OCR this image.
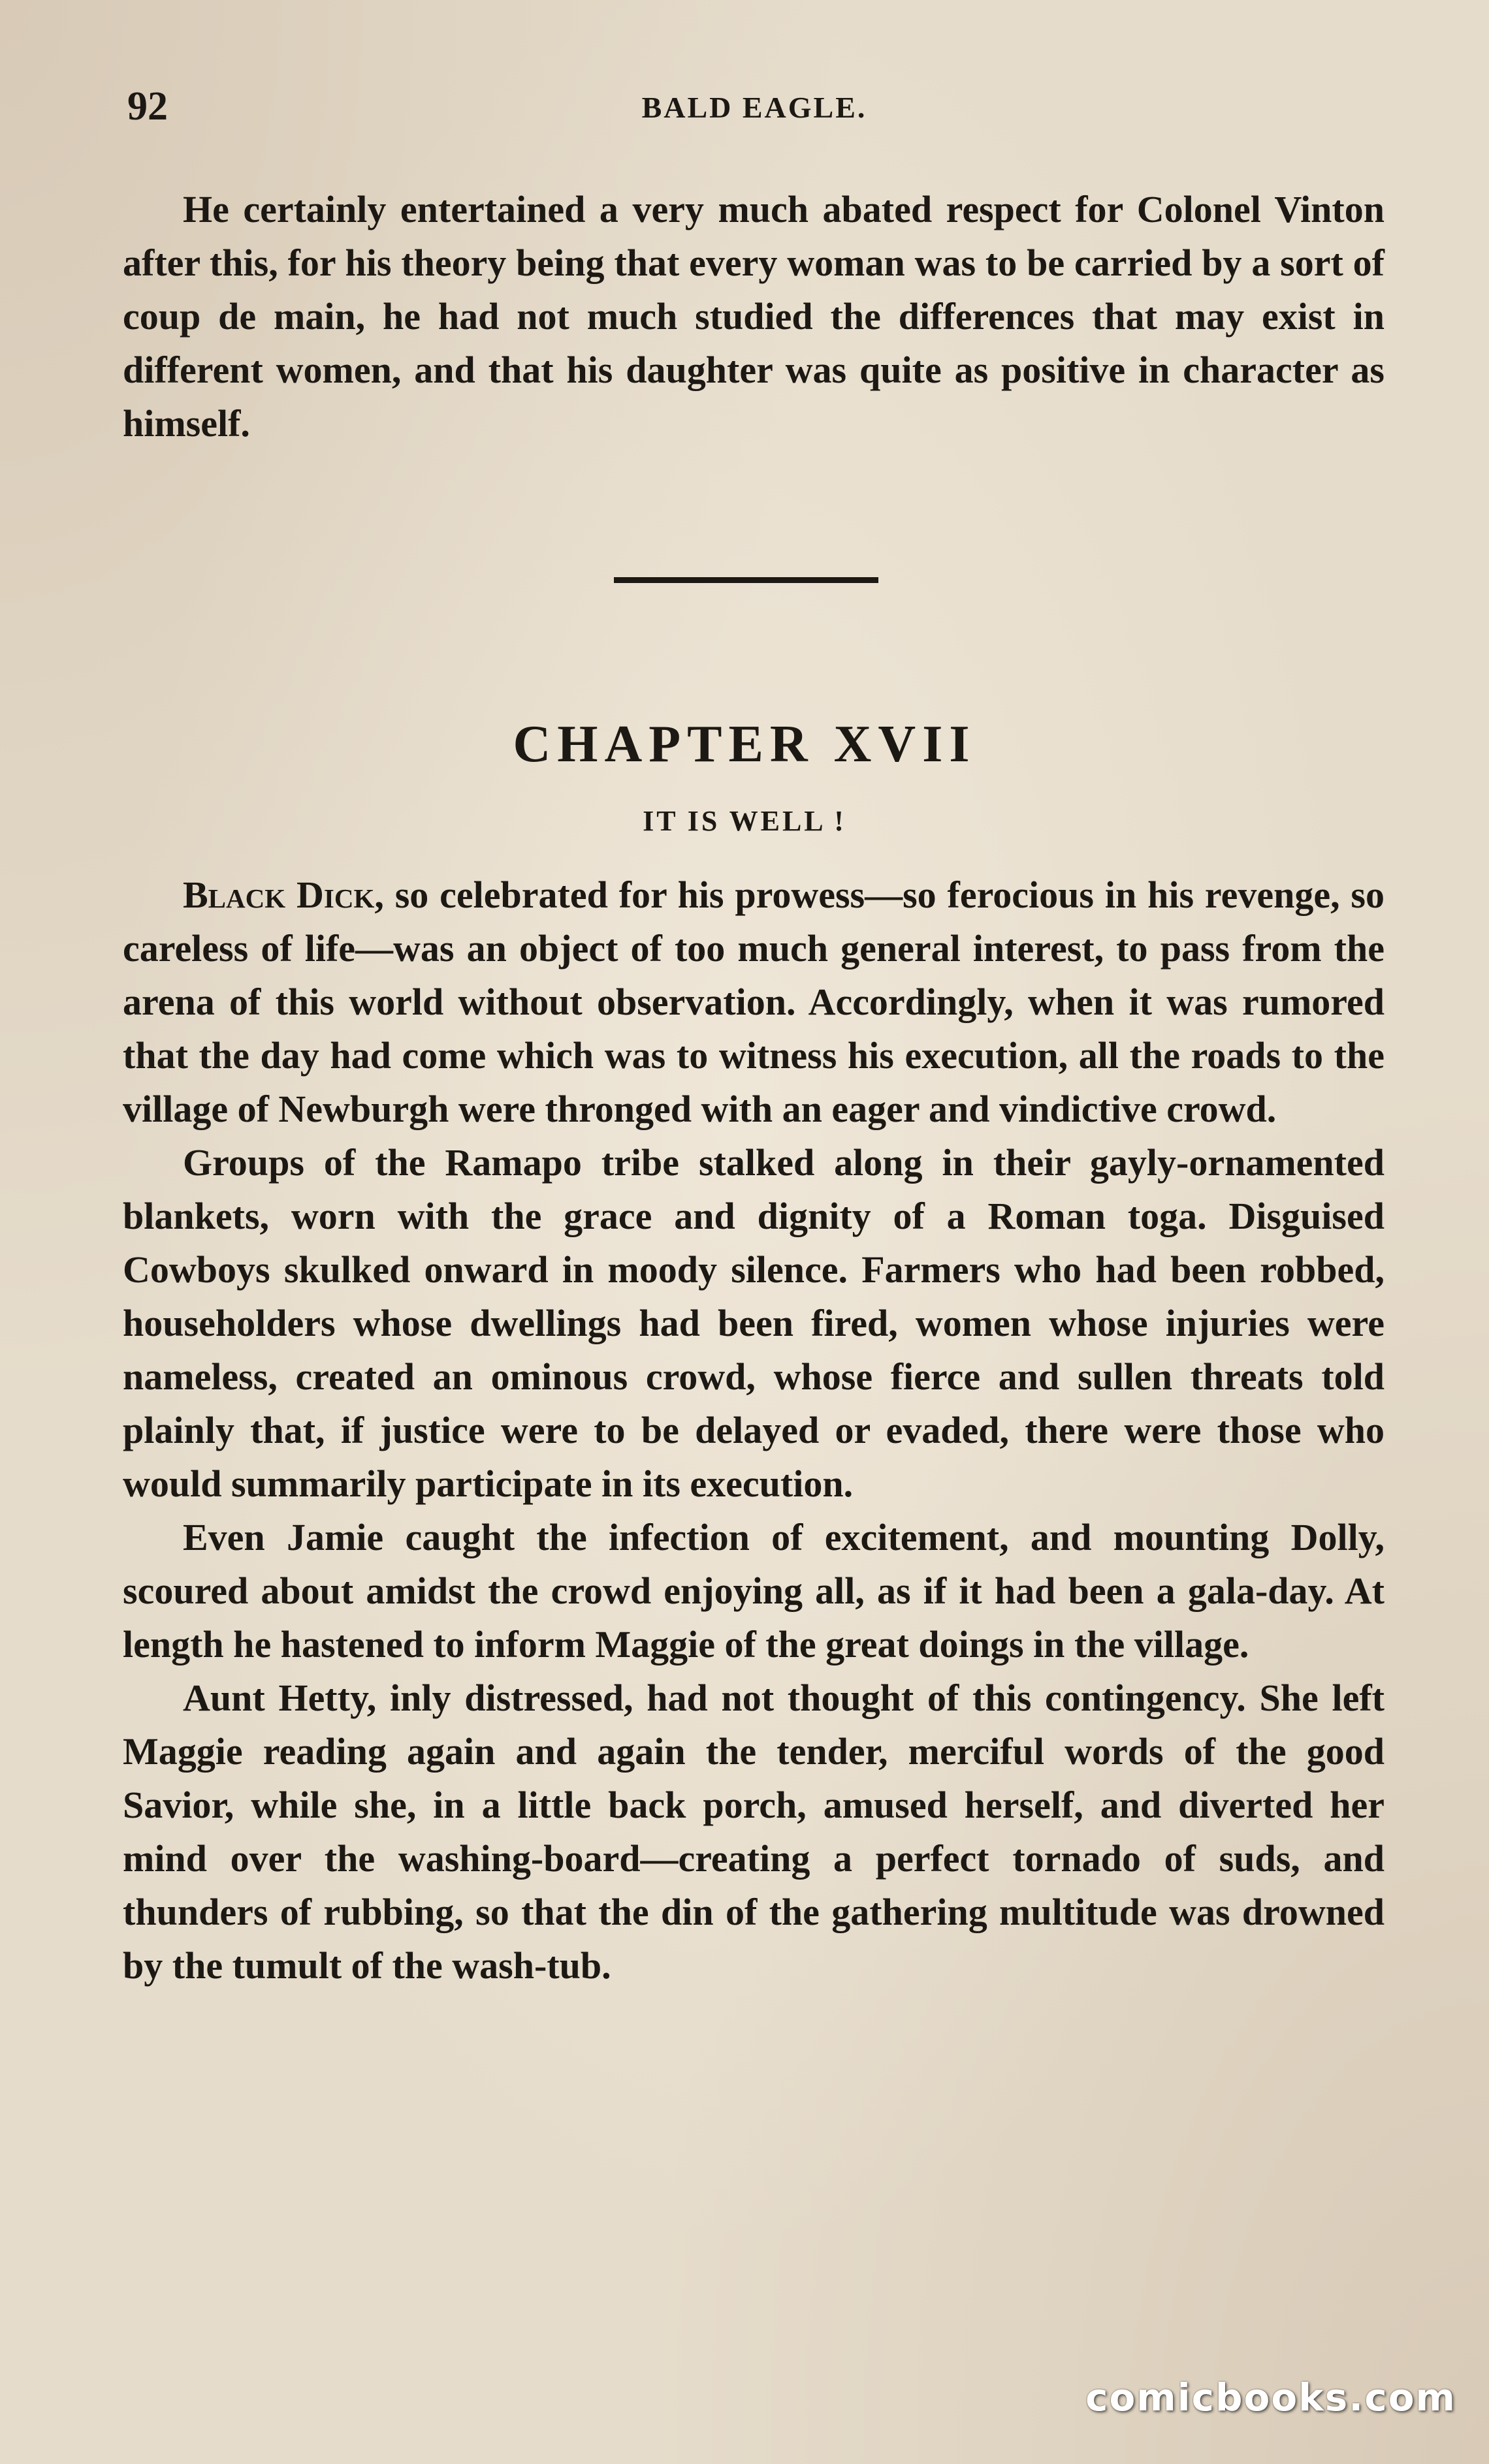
92	BALD EAGLE.

He certainly entertained a very much abated respect for Colonel Vinton after this, for his theory being that every woman was to be carried by a sort of coup de main, he had not much studied the differences that may exist in different women, and that his daughter was quite as positive in character as himself.

CHAPTER XVII
IT IS WELL !

Black Dick, so celebrated for his prowess—so ferocious in his revenge, so careless of life—was an object of too much general interest, to pass from the arena of this world without observation. Accordingly, when it was rumored that the day had come which was to witness his execution, all the roads to the village of Newburgh were thronged with an eager and vindictive crowd.

Groups of the Ramapo tribe stalked along in their gayly-ornamented blankets, worn with the grace and dignity of a Roman toga. Disguised Cowboys skulked onward in moody silence. Farmers who had been robbed, householders whose dwellings had been fired, women whose injuries were nameless, created an ominous crowd, whose fierce and sullen threats told plainly that, if justice were to be delayed or evaded, there were those who would summarily participate in its execution.

Even Jamie caught the infection of excitement, and mounting Dolly, scoured about amidst the crowd enjoying all, as if it had been a gala-day. At length he hastened to inform Maggie of the great doings in the village.

Aunt Hetty, inly distressed, had not thought of this contingency. She left Maggie reading again and again the tender, merciful words of the good Savior, while she, in a little back porch, amused herself, and diverted her mind over the washing-board—creating a perfect tornado of suds, and thunders of rubbing, so that the din of the gathering multitude was drowned by the tumult of the wash-tub.

comicbooks.com
